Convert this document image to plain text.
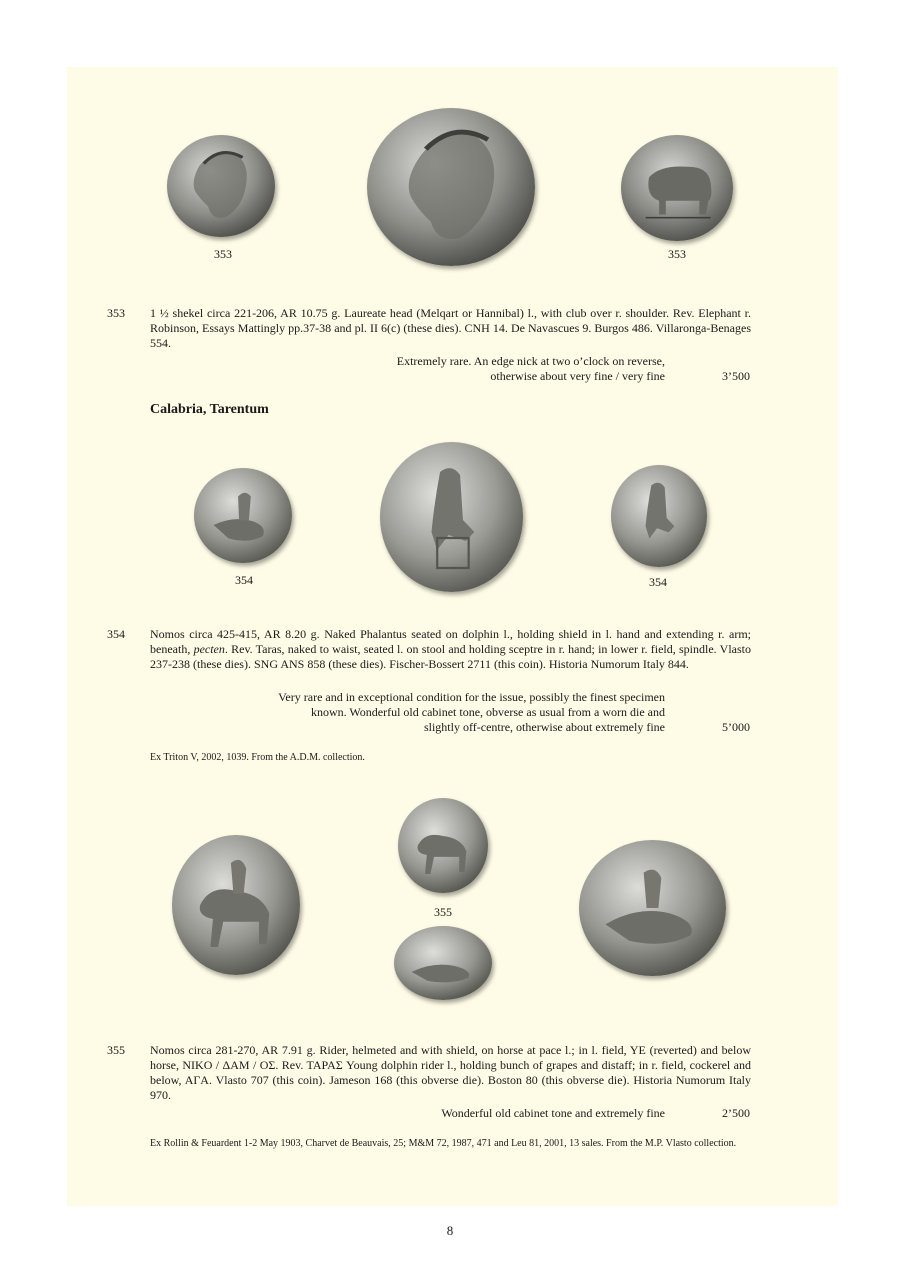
353	353
353 1 ½ shekel circa 221-206, AR 10.75 g. Laureate head (Melqart or Hannibal) l., with club over r. shoulder. Rev. Elephant r. Robinson, Essays Mattingly pp.37-38 and pl. II 6(c) (these dies). CNH 14. De Navascues 9. Burgos 486. Villaronga-Benages 554.

Extremely rare. An edge nick at two o’clock on reverse,
otherwise about very fine / very fine	3’500
Calabria, Tarentum
354	354
354 Nomos circa 425-415, AR 8.20 g. Naked Phalantus seated on dolphin l., holding shield in l. hand and extending r. arm; beneath, pecten. Rev. Taras, naked to waist, seated l. on stool and holding sceptre in r. hand; in lower r. field, spindle. Vlasto 237-238 (these dies). SNG ANS 858 (these dies). Fischer-Bossert 2711 (this coin). Historia Numorum Italy 844.

Very rare and in exceptional condition for the issue, possibly the finest specimen
known. Wonderful old cabinet tone, obverse as usual from a worn die and
slightly off-centre, otherwise about extremely fine	5’000

Ex Triton V, 2002, 1039. From the A.D.M. collection.

355
355 Nomos circa 281-270, AR 7.91 g. Rider, helmeted and with shield, on horse at pace l.; in l. field, YE (reverted) and below horse, NIKO / ΔAM / OΣ. Rev. TAPAΣ Young dolphin rider l., holding bunch of grapes and distaff; in r. field, cockerel and below, AΓA. Vlasto 707 (this coin). Jameson 168 (this obverse die). Boston 80 (this obverse die). Historia Numorum Italy 970.

Wonderful old cabinet tone and extremely fine	2’500

Ex Rollin & Feuardent 1-2 May 1903, Charvet de Beauvais, 25; M&M 72, 1987, 471 and Leu 81, 2001, 13 sales. From the M.P. Vlasto collection.

8
